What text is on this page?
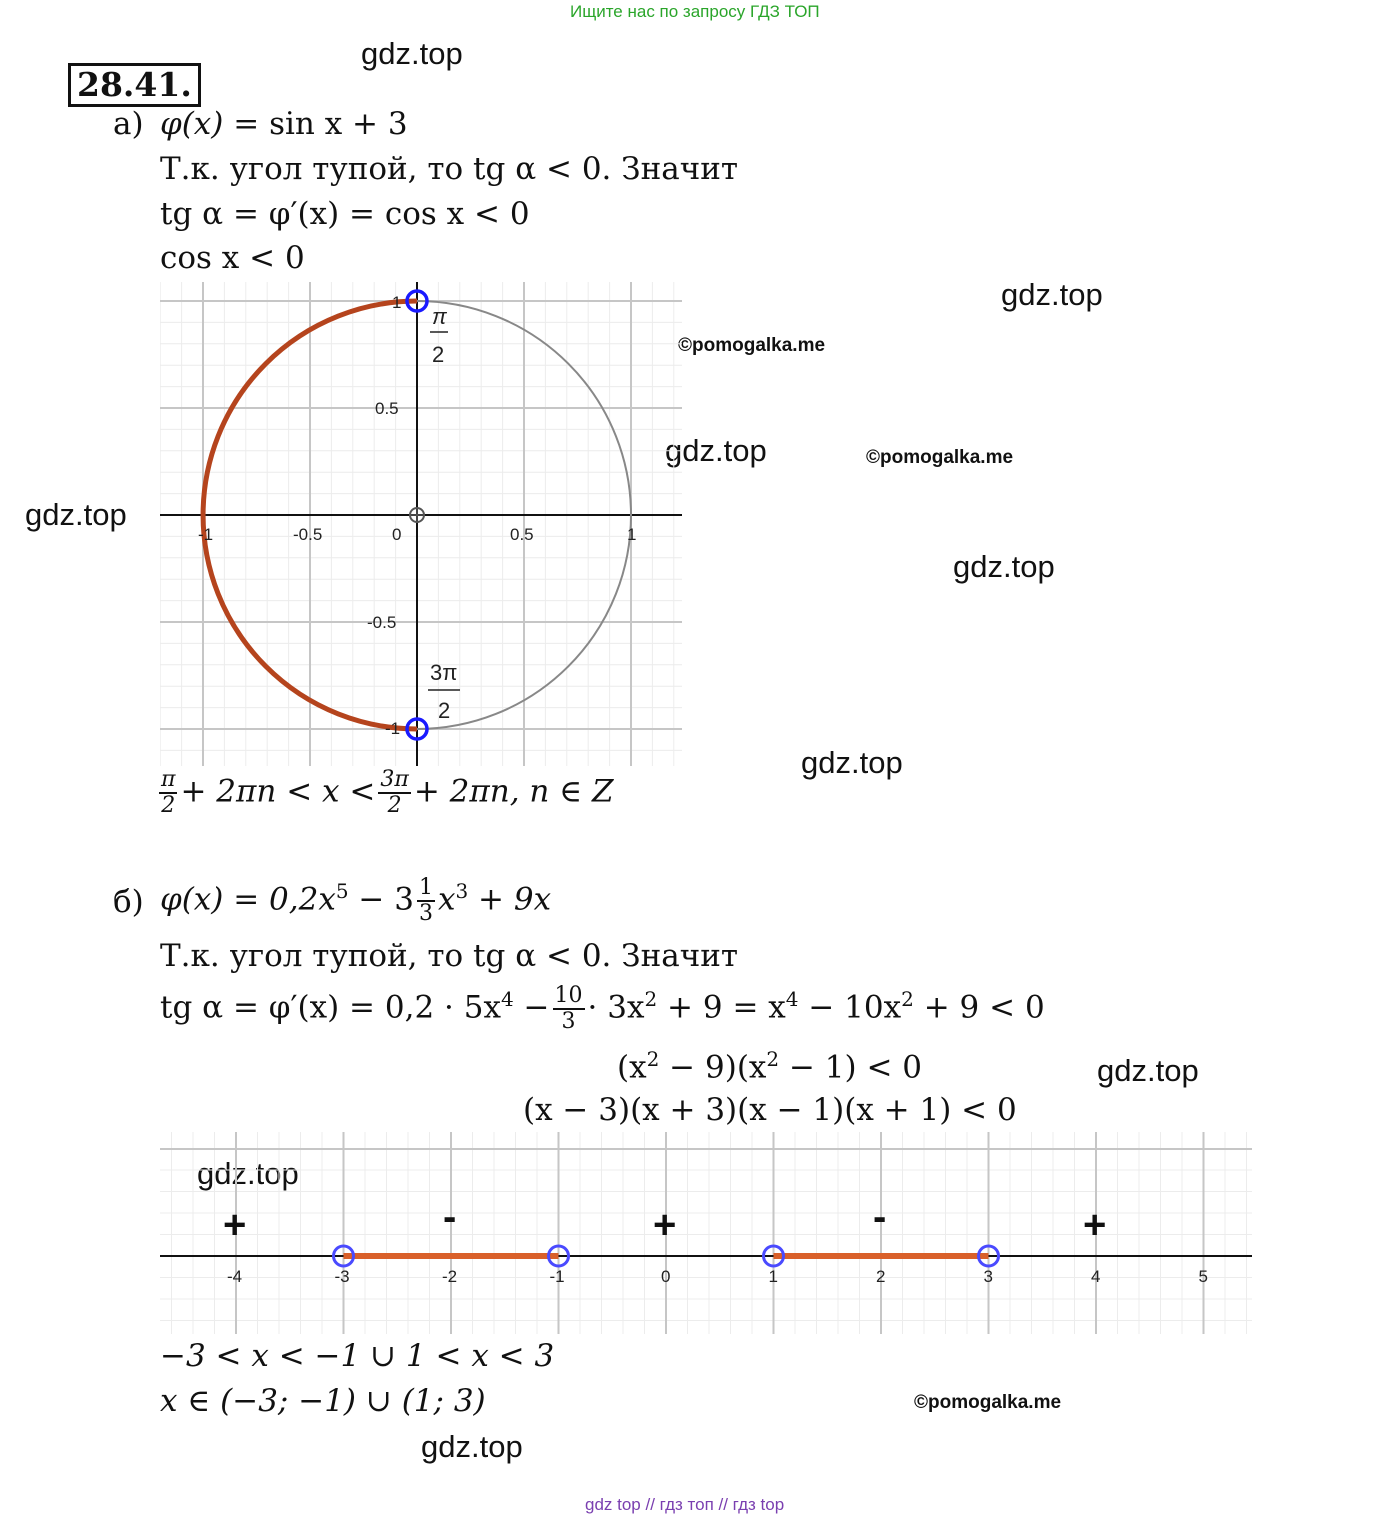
Ищите нас по запросу ГДЗ ТОП
28.41.
gdz.top
gdz.top
gdz.top
gdz.top
gdz.top
gdz.top
gdz.top
gdz.top
gdz.top
©pomogalka.me
©pomogalka.me
©pomogalka.me
а) φ(x) = sin x + 3
Т.к. угол тупой, то tg α < 0. Значит
tg α = φ′(x) = cos x < 0
cos x < 0
-1	-0.5	0	0.5	1
1
0.5
-0.5
-1
π
2
3π
2
$\frac{\pi}{2} + 2\pi n < x < \frac{3\pi}{2} + 2\pi n$, n ∈ Z
б) $\varphi(x) = 0,2x^5 - 3 \frac{1}{3} x^3 + 9x$
Т.к. угол тупой, то tg α < 0. Значит
tg $\alpha = \varphi'(x) = 0,2 \cdot 5x^4 - \frac{10}{3} \cdot 3x^2 + 9 = x^4 - 10x^2 + 9 < 0$
$(x^2 - 9)(x^2 - 1) < 0$
(x − 3)(x + 3)(x − 1)(x + 1) < 0
-4	-3	-2	-1	0	1	2	3	4	5
+	-	+	-	+
−3 < x < −1 ∪ 1 < x < 3
x ∈ (−3; −1) ∪ (1; 3)
gdz top // гдз топ // гдз top
